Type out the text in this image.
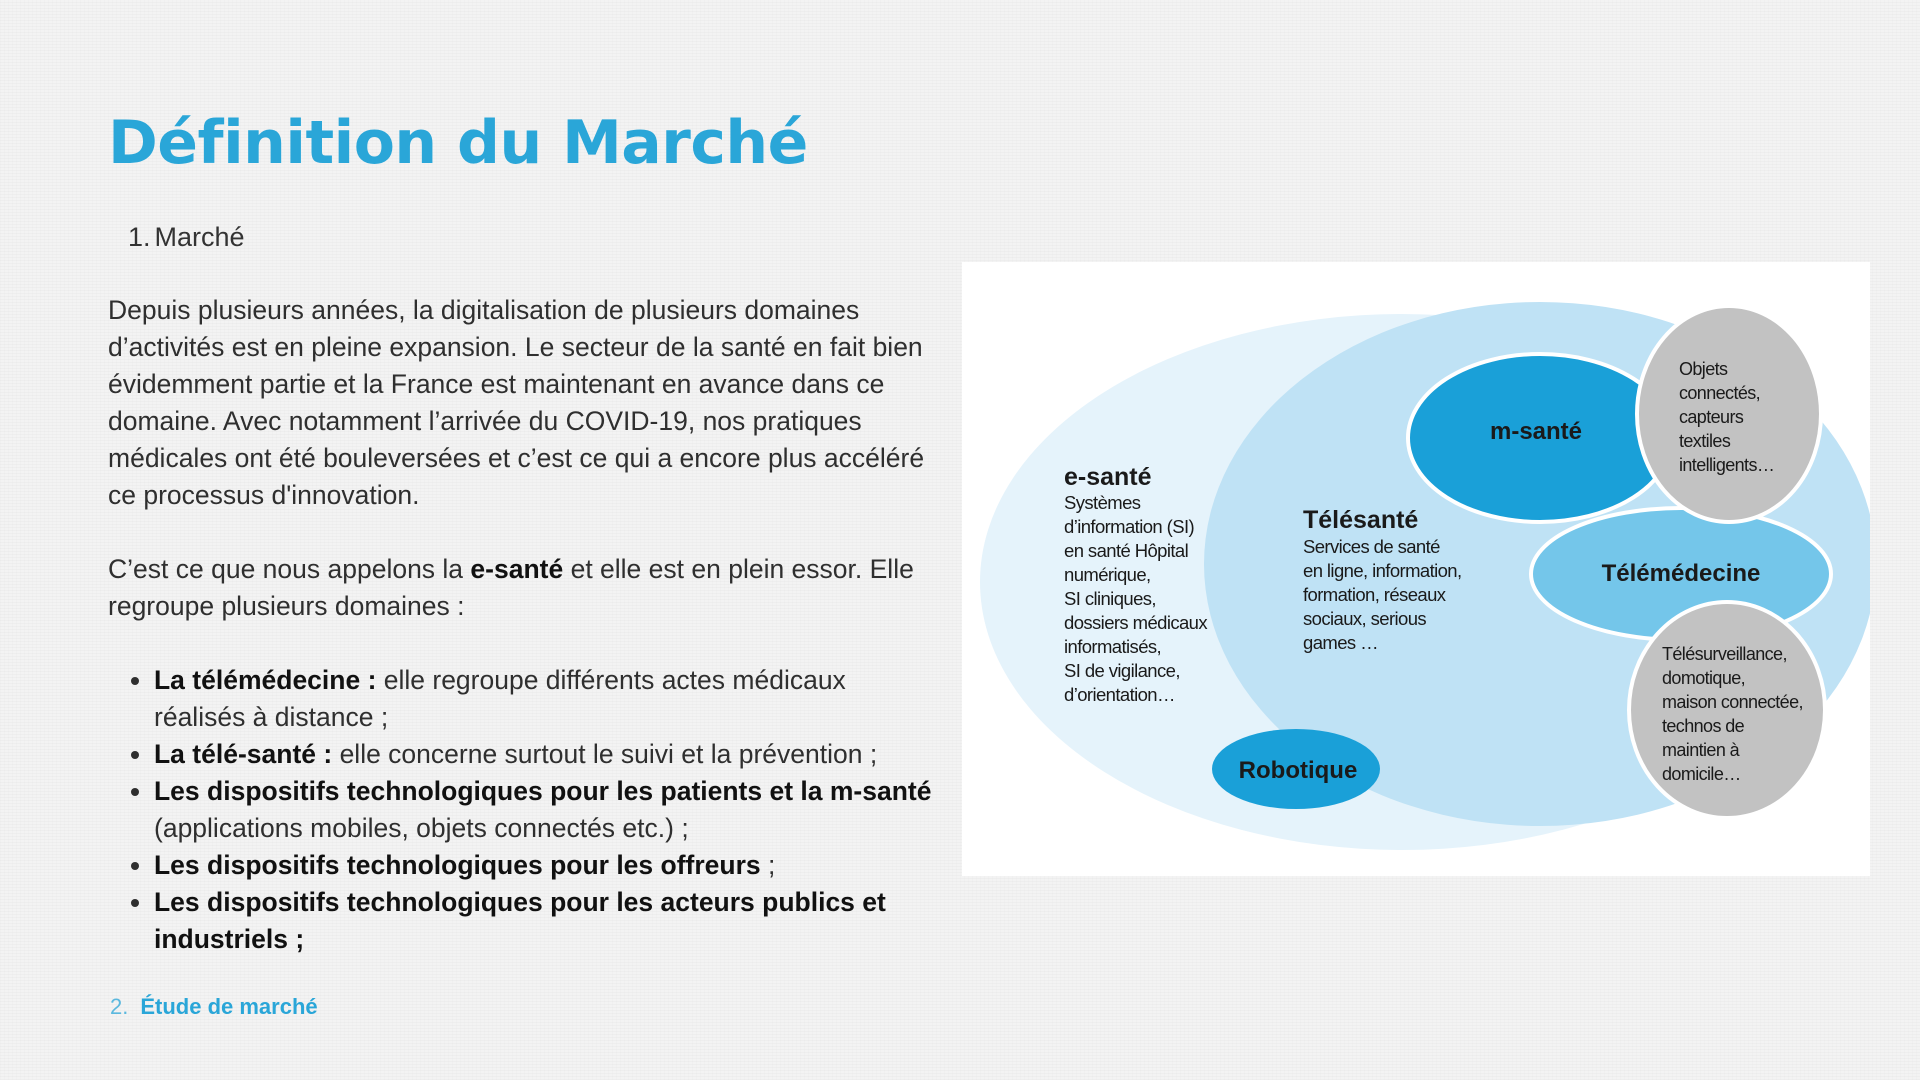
Définition du Marché
1. Marché

Depuis plusieurs années, la digitalisation de plusieurs domaines d’activités est en pleine expansion. Le secteur de la santé en fait bien évidemment partie et la France est maintenant en avance dans ce domaine. Avec notamment l’arrivée du COVID-19, nos pratiques médicales ont été bouleversées et c’est ce qui a encore plus accéléré ce processus d'innovation.

C’est ce que nous appelons la e-santé et elle est en plein essor. Elle regroupe plusieurs domaines :

• La télémédecine : elle regroupe différents actes médicaux réalisés à distance ;
• La télé-santé : elle concerne surtout le suivi et la prévention ;
• Les dispositifs technologiques pour les patients et la m-santé (applications mobiles, objets connectés etc.) ;
• Les dispositifs technologiques pour les offreurs ;
• Les dispositifs technologiques pour les acteurs publics et industriels ;
2. Étude de marché
e-santé
Systèmes d’information (SI) en santé Hôpital numérique, SI cliniques, dossiers médicaux informatisés, SI de vigilance, d’orientation…
Télésanté
Services de santé en ligne, information, formation, réseaux sociaux, serious games …
m-santé
Télémédecine
Robotique
Objets connectés, capteurs textiles intelligents…
Télésurveillance, domotique, maison connectée, technos de maintien à domicile…
